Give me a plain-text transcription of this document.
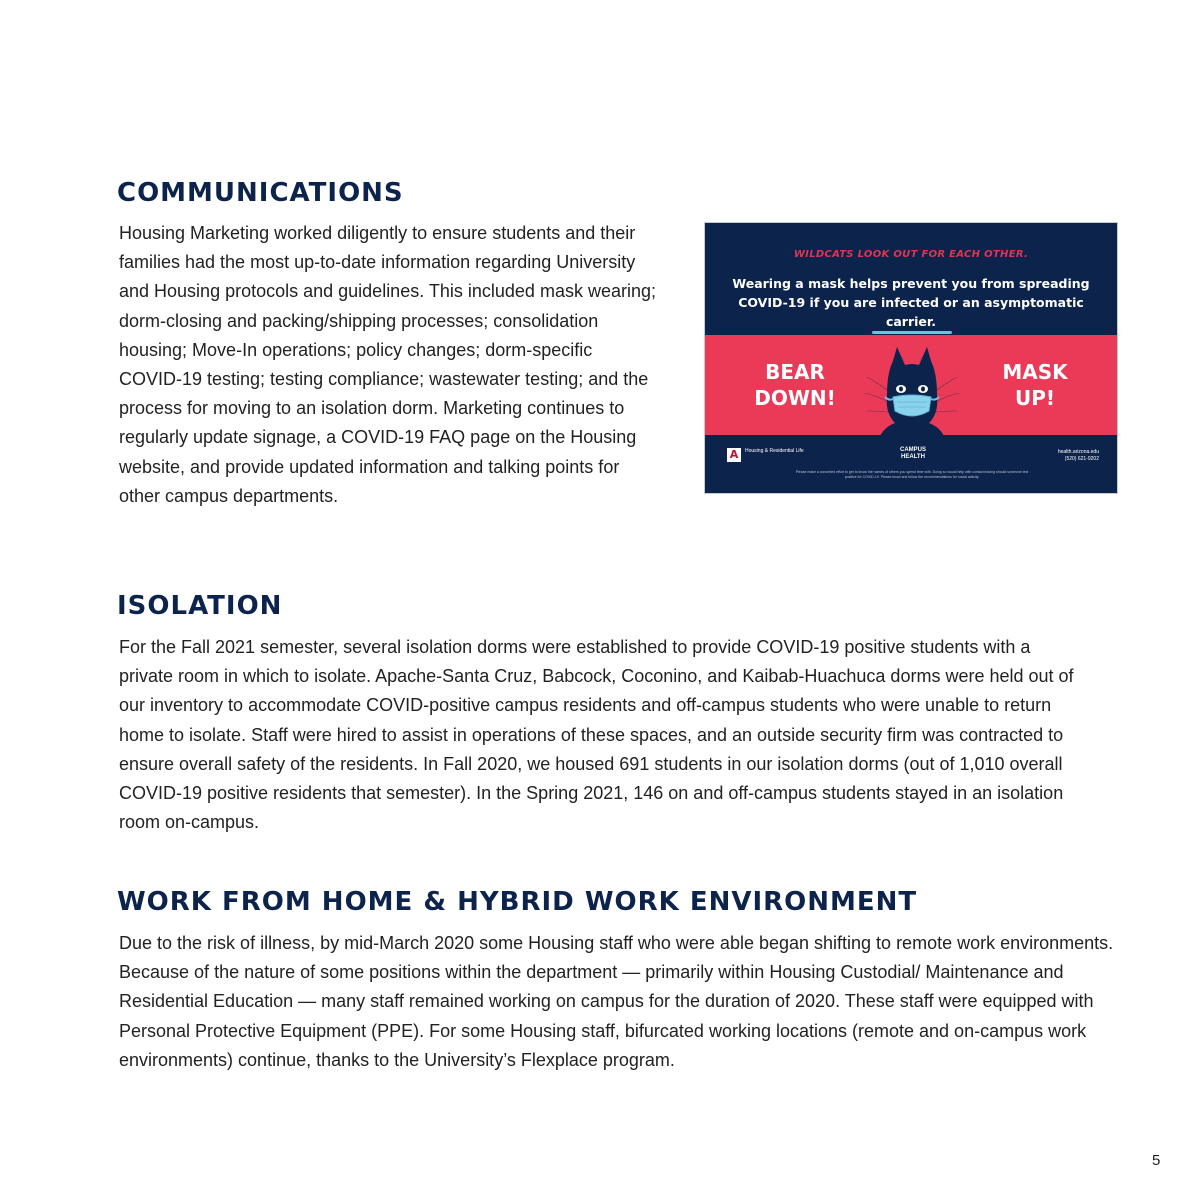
COMMUNICATIONS

Housing Marketing worked diligently to ensure students and their families had the most up-to-date information regarding University and Housing protocols and guidelines. This included mask wearing; dorm-closing and packing/shipping processes; consolidation housing; Move-In operations; policy changes; dorm-specific COVID-19 testing; testing compliance; wastewater testing; and the process for moving to an isolation dorm. Marketing continues to regularly update signage, a COVID-19 FAQ page on the Housing website, and provide updated information and talking points for other campus departments.

WILDCATS LOOK OUT FOR EACH OTHER.
Wearing a mask helps prevent you from spreading COVID-19 if you are infected or an asymptomatic carrier.
BEAR DOWN!
MASK UP!
A	Housing & Residential Life	CAMPUS HEALTH
health.arizona.edu
(520) 621-9202
Please make a concerted effort to get to know the names of others you spend time with. Doing so would help with contact tracing should someone test positive for COVID-19. Please know and follow the recommendations for social activity.
ISOLATION

For the Fall 2021 semester, several isolation dorms were established to provide COVID-19 positive students with a private room in which to isolate. Apache-Santa Cruz, Babcock, Coconino, and Kaibab-Huachuca dorms were held out of our inventory to accommodate COVID-positive campus residents and off-campus students who were unable to return home to isolate. Staff were hired to assist in operations of these spaces, and an outside security firm was contracted to ensure overall safety of the residents. In Fall 2020, we housed 691 students in our isolation dorms (out of 1,010 overall COVID-19 positive residents that semester). In the Spring 2021, 146 on and off-campus students stayed in an isolation room on-campus.

WORK FROM HOME & HYBRID WORK ENVIRONMENT

Due to the risk of illness, by mid-March 2020 some Housing staff who were able began shifting to remote work environments. Because of the nature of some positions within the department — primarily within Housing Custodial/ Maintenance and Residential Education — many staff remained working on campus for the duration of 2020. These staff were equipped with Personal Protective Equipment (PPE). For some Housing staff, bifurcated working locations (remote and on-campus work environments) continue, thanks to the University’s Flexplace program.

5
